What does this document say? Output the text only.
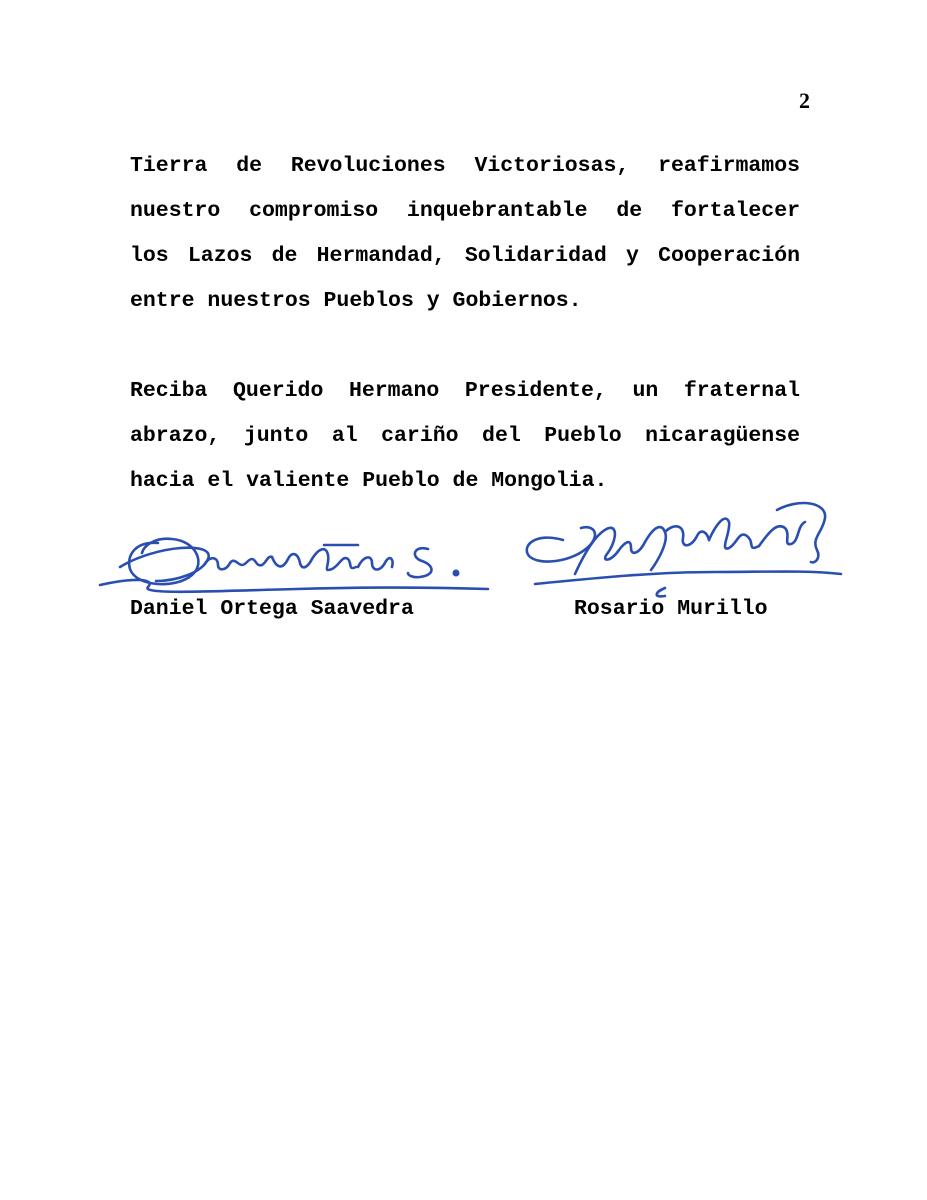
2

Tierra de Revoluciones Victoriosas, reafirmamos
nuestro compromiso inquebrantable de fortalecer
los Lazos de Hermandad, Solidaridad y Cooperación
entre nuestros Pueblos y Gobiernos.

Reciba Querido Hermano Presidente, un fraternal
abrazo, junto al cariño del Pueblo nicaragüense
hacia el valiente Pueblo de Mongolia.

Daniel Ortega Saavedra	Rosario Murillo
